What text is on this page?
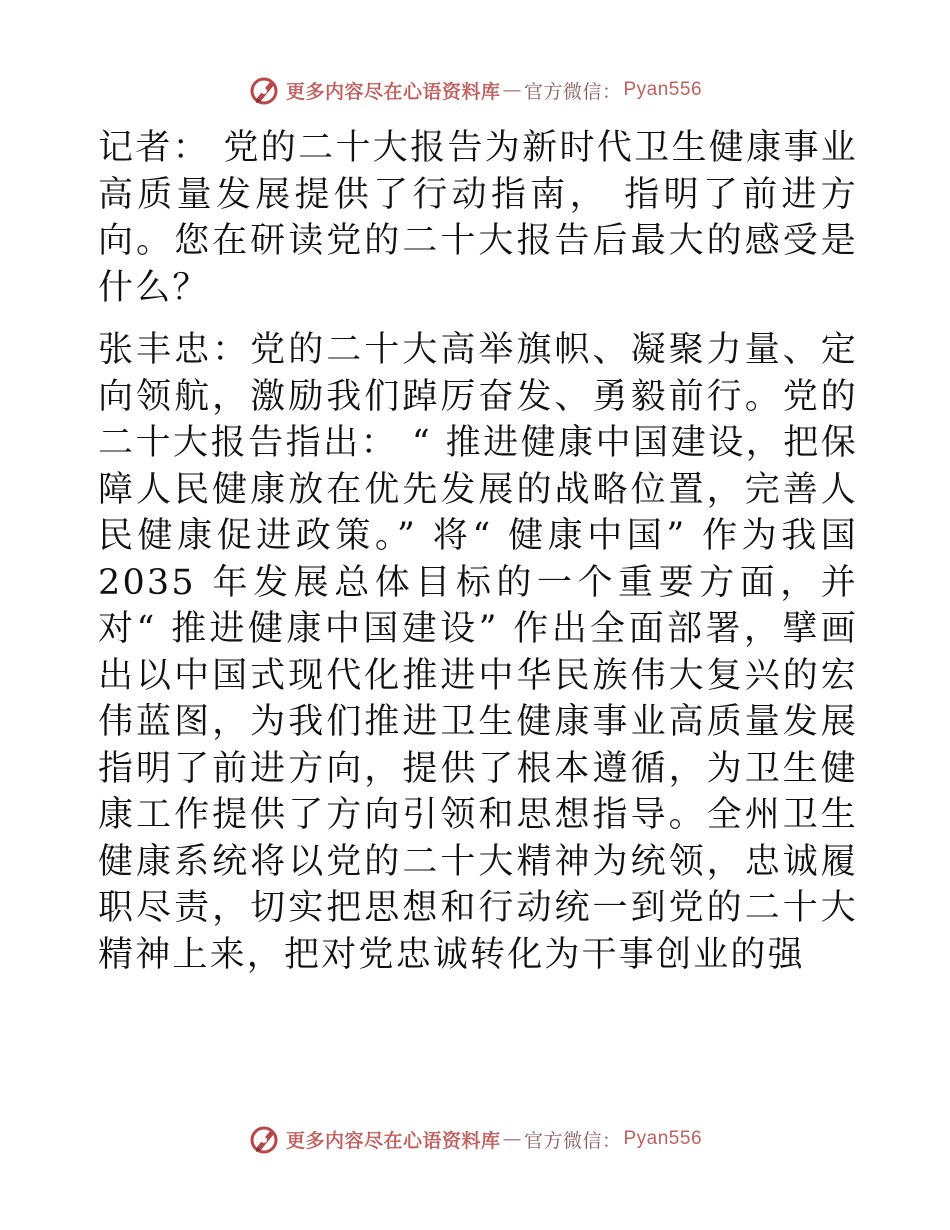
更多内容尽在心语资料库 — 官方微信： Pyan556

记者： 党的二十大报告为新时代卫生健康事业高质量发展提供了行动指南， 指明了前进方向。您在研读党的二十大报告后最大的感受是什么？

张丰忠：党的二十大高举旗帜、凝聚力量、定向领航，激励我们踔厉奋发、勇毅前行。党的二十大报告指出： “ 推进健康中国建设，把保障人民健康放在优先发展的战略位置，完善人民健康促进政策。” 将“ 健康中国” 作为我国 2035 年发展总体目标的一个重要方面，并对“ 推进健康中国建设” 作出全面部署，擘画出以中国式现代化推进中华民族伟大复兴的宏伟蓝图，为我们推进卫生健康事业高质量发展指明了前进方向，提供了根本遵循，为卫生健康工作提供了方向引领和思想指导。全州卫生健康系统将以党的二十大精神为统领，忠诚履职尽责，切实把思想和行动统一到党的二十大精神上来，把对党忠诚转化为干事创业的强

更多内容尽在心语资料库 — 官方微信： Pyan556
